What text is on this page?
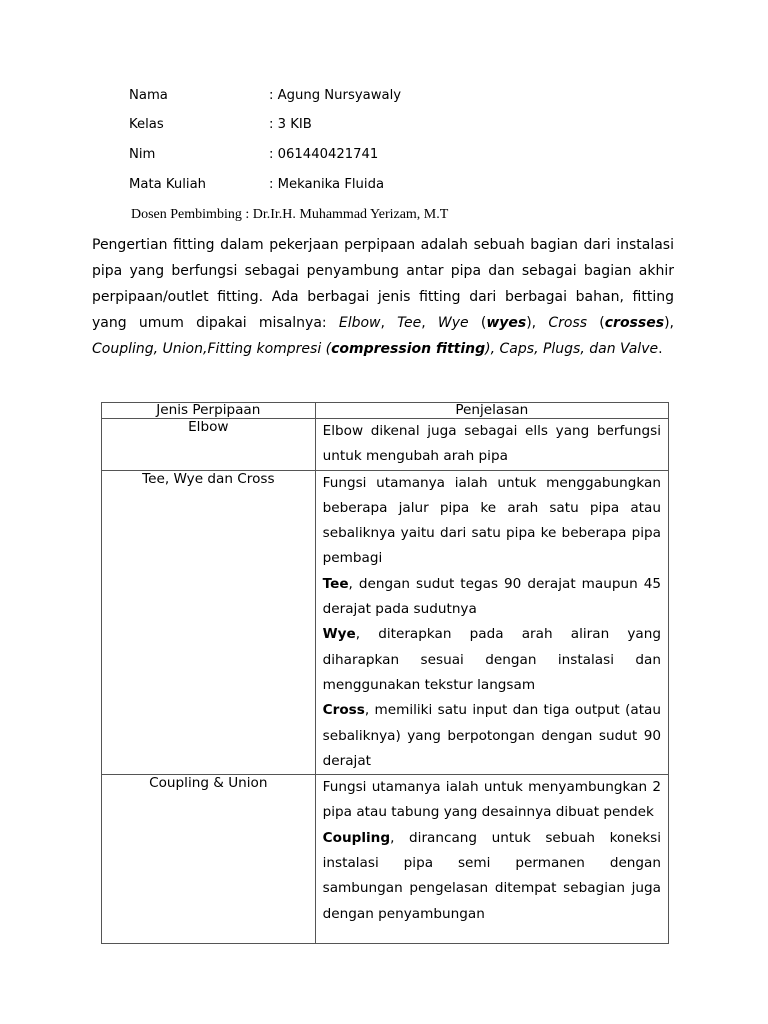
Nama	: Agung Nursyawaly
Kelas	: 3 KIB
Nim	: 061440421741
Mata Kuliah	: Mekanika Fluida
Dosen Pembimbing : Dr.Ir.H. Muhammad Yerizam, M.T

Pengertian fitting dalam pekerjaan perpipaan adalah sebuah bagian dari instalasi pipa yang berfungsi sebagai penyambung antar pipa dan sebagai bagian akhir perpipaan/outlet fitting. Ada berbagai jenis fitting dari berbagai bahan, fitting yang umum dipakai misalnya: Elbow, Tee, Wye (wyes), Cross (crosses), Coupling, Union,Fitting kompresi (compression fitting), Caps, Plugs, dan Valve.

Jenis Perpipaan	Penjelasan
Elbow	Elbow dikenal juga sebagai ells yang berfungsi untuk mengubah arah pipa

Tee, Wye dan Cross	Fungsi utamanya ialah untuk menggabungkan beberapa jalur pipa ke arah satu pipa atau sebaliknya yaitu dari satu pipa ke beberapa pipa pembagi
Tee, dengan sudut tegas 90 derajat maupun 45 derajat pada sudutnya
Wye, diterapkan pada arah aliran yang diharapkan sesuai dengan instalasi dan menggunakan tekstur langsam
Cross, memiliki satu input dan tiga output (atau sebaliknya) yang berpotongan dengan sudut 90 derajat

Coupling & Union	Fungsi utamanya ialah untuk menyambungkan 2 pipa atau tabung yang desainnya dibuat pendek
Coupling, dirancang untuk sebuah koneksi instalasi pipa semi permanen dengan sambungan pengelasan ditempat sebagian juga dengan penyambungan
